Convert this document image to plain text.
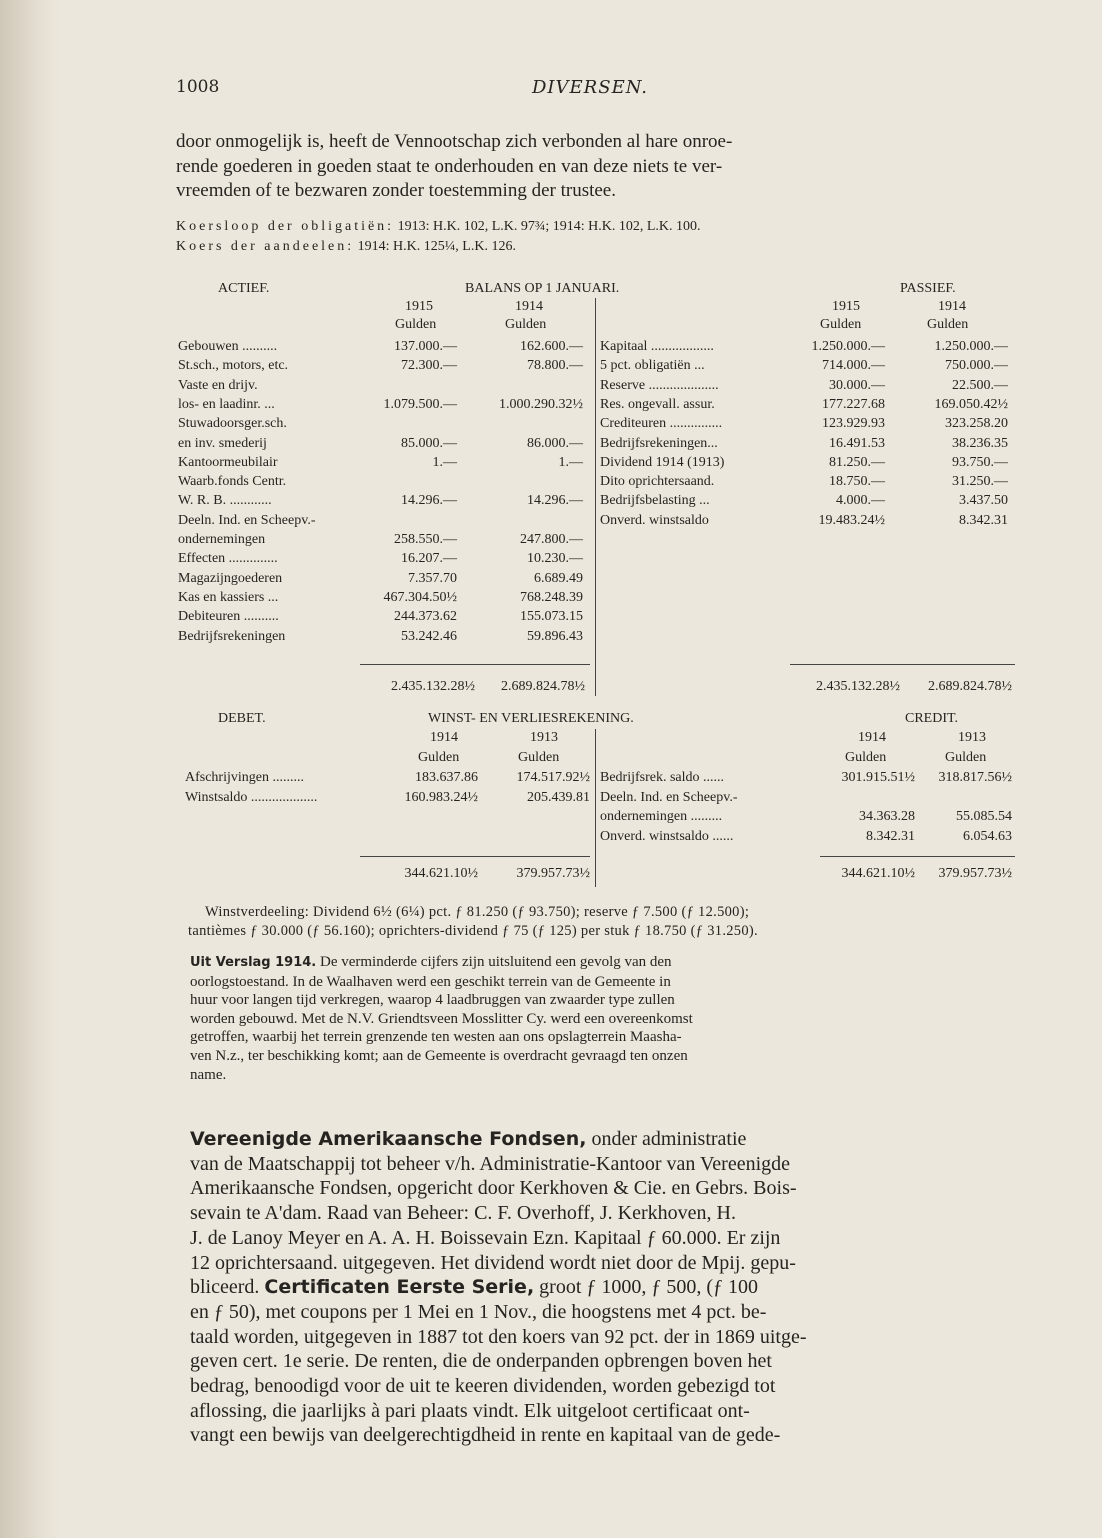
1008	DIVERSEN.
door onmogelijk is, heeft de Vennootschap zich verbonden al hare onroe-
rende goederen in goeden staat te onderhouden en van deze niets te ver-
vreemden of te bezwaren zonder toestemming der trustee.
Koersloop der obligatiën: 1913: H.K. 102, L.K. 97¾; 1914: H.K. 102, L.K. 100.
Koers der aandeelen: 1914: H.K. 125¼, L.K. 126.
ACTIEF.	BALANS OP 1 JANUARI.	PASSIEF.
1915	1914	1915	1914
Gulden	Gulden	Gulden	Gulden
Gebouwen ..........	137.000.—	162.600.—
St.sch., motors, etc.	72.300.—	78.800.—
Vaste en drijv.
los- en laadinr. ...	1.079.500.—	1.000.290.32½
Stuwadoorsger.sch.
en inv. smederij	85.000.—	86.000.—
Kantoormeubilair	1.—	1.—
Waarb.fonds Centr.
W. R. B. ............	14.296.—	14.296.—
Deeln. Ind. en Scheepv.-
ondernemingen	258.550.—	247.800.—
Effecten ..............	16.207.—	10.230.—
Magazijngoederen	7.357.70	6.689.49
Kas en kassiers ...	467.304.50½	768.248.39
Debiteuren ..........	244.373.62	155.073.15
Bedrijfsrekeningen	53.242.46	59.896.43
Kapitaal ..................	1.250.000.—	1.250.000.—
5 pct. obligatiën ...	714.000.—	750.000.—
Reserve ....................	30.000.—	22.500.—
Res. ongevall. assur.	177.227.68	169.050.42½
Crediteuren ...............	123.929.93	323.258.20
Bedrijfsrekeningen...	16.491.53	38.236.35
Dividend 1914 (1913)	81.250.—	93.750.—
Dito oprichtersaand.	18.750.—	31.250.—
Bedrijfsbelasting ...	4.000.—	3.437.50
Onverd. winstsaldo	19.483.24½	8.342.31
2.435.132.28½	2.689.824.78½	2.435.132.28½	2.689.824.78½
DEBET.	WINST- EN VERLIESREKENING.	CREDIT.
1914	1913	1914	1913
Gulden	Gulden	Gulden	Gulden
Afschrijvingen .........	183.637.86	174.517.92½
Winstsaldo ...................	160.983.24½	205.439.81
Bedrijfsrek. saldo ......	301.915.51½	318.817.56½
Deeln. Ind. en Scheepv.-
ondernemingen .........	34.363.28	55.085.54
Onverd. winstsaldo ......	8.342.31	6.054.63
344.621.10½	379.957.73½	344.621.10½	379.957.73½
Winstverdeeling: Dividend 6½ (6¼) pct. ƒ 81.250 (ƒ 93.750); reserve ƒ 7.500 (ƒ 12.500);
tantièmes ƒ 30.000 (ƒ 56.160); oprichters-dividend ƒ 75 (ƒ 125) per stuk ƒ 18.750 (ƒ 31.250).
Uit Verslag 1914. De verminderde cijfers zijn uitsluitend een gevolg van den
oorlogstoestand. In de Waalhaven werd een geschikt terrein van de Gemeente in
huur voor langen tijd verkregen, waarop 4 laadbruggen van zwaarder type zullen
worden gebouwd. Met de N.V. Griendtsveen Mosslitter Cy. werd een overeenkomst
getroffen, waarbij het terrein grenzende ten westen aan ons opslagterrein Maasha-
ven N.z., ter beschikking komt; aan de Gemeente is overdracht gevraagd ten onzen
name.
Vereenigde Amerikaansche Fondsen, onder administratie
van de Maatschappij tot beheer v/h. Administratie-Kantoor van Vereenigde
Amerikaansche Fondsen, opgericht door Kerkhoven & Cie. en Gebrs. Bois-
sevain te A'dam. Raad van Beheer: C. F. Overhoff, J. Kerkhoven, H.
J. de Lanoy Meyer en A. A. H. Boissevain Ezn. Kapitaal ƒ 60.000. Er zijn
12 oprichtersaand. uitgegeven. Het dividend wordt niet door de Mpij. gepu-
bliceerd. Certificaten Eerste Serie, groot ƒ 1000, ƒ 500, (ƒ 100
en ƒ 50), met coupons per 1 Mei en 1 Nov., die hoogstens met 4 pct. be-
taald worden, uitgegeven in 1887 tot den koers van 92 pct. der in 1869 uitge-
geven cert. 1e serie. De renten, die de onderpanden opbrengen boven het
bedrag, benoodigd voor de uit te keeren dividenden, worden gebezigd tot
aflossing, die jaarlijks à pari plaats vindt. Elk uitgeloot certificaat ont-
vangt een bewijs van deelgerechtigdheid in rente en kapitaal van de gede-
